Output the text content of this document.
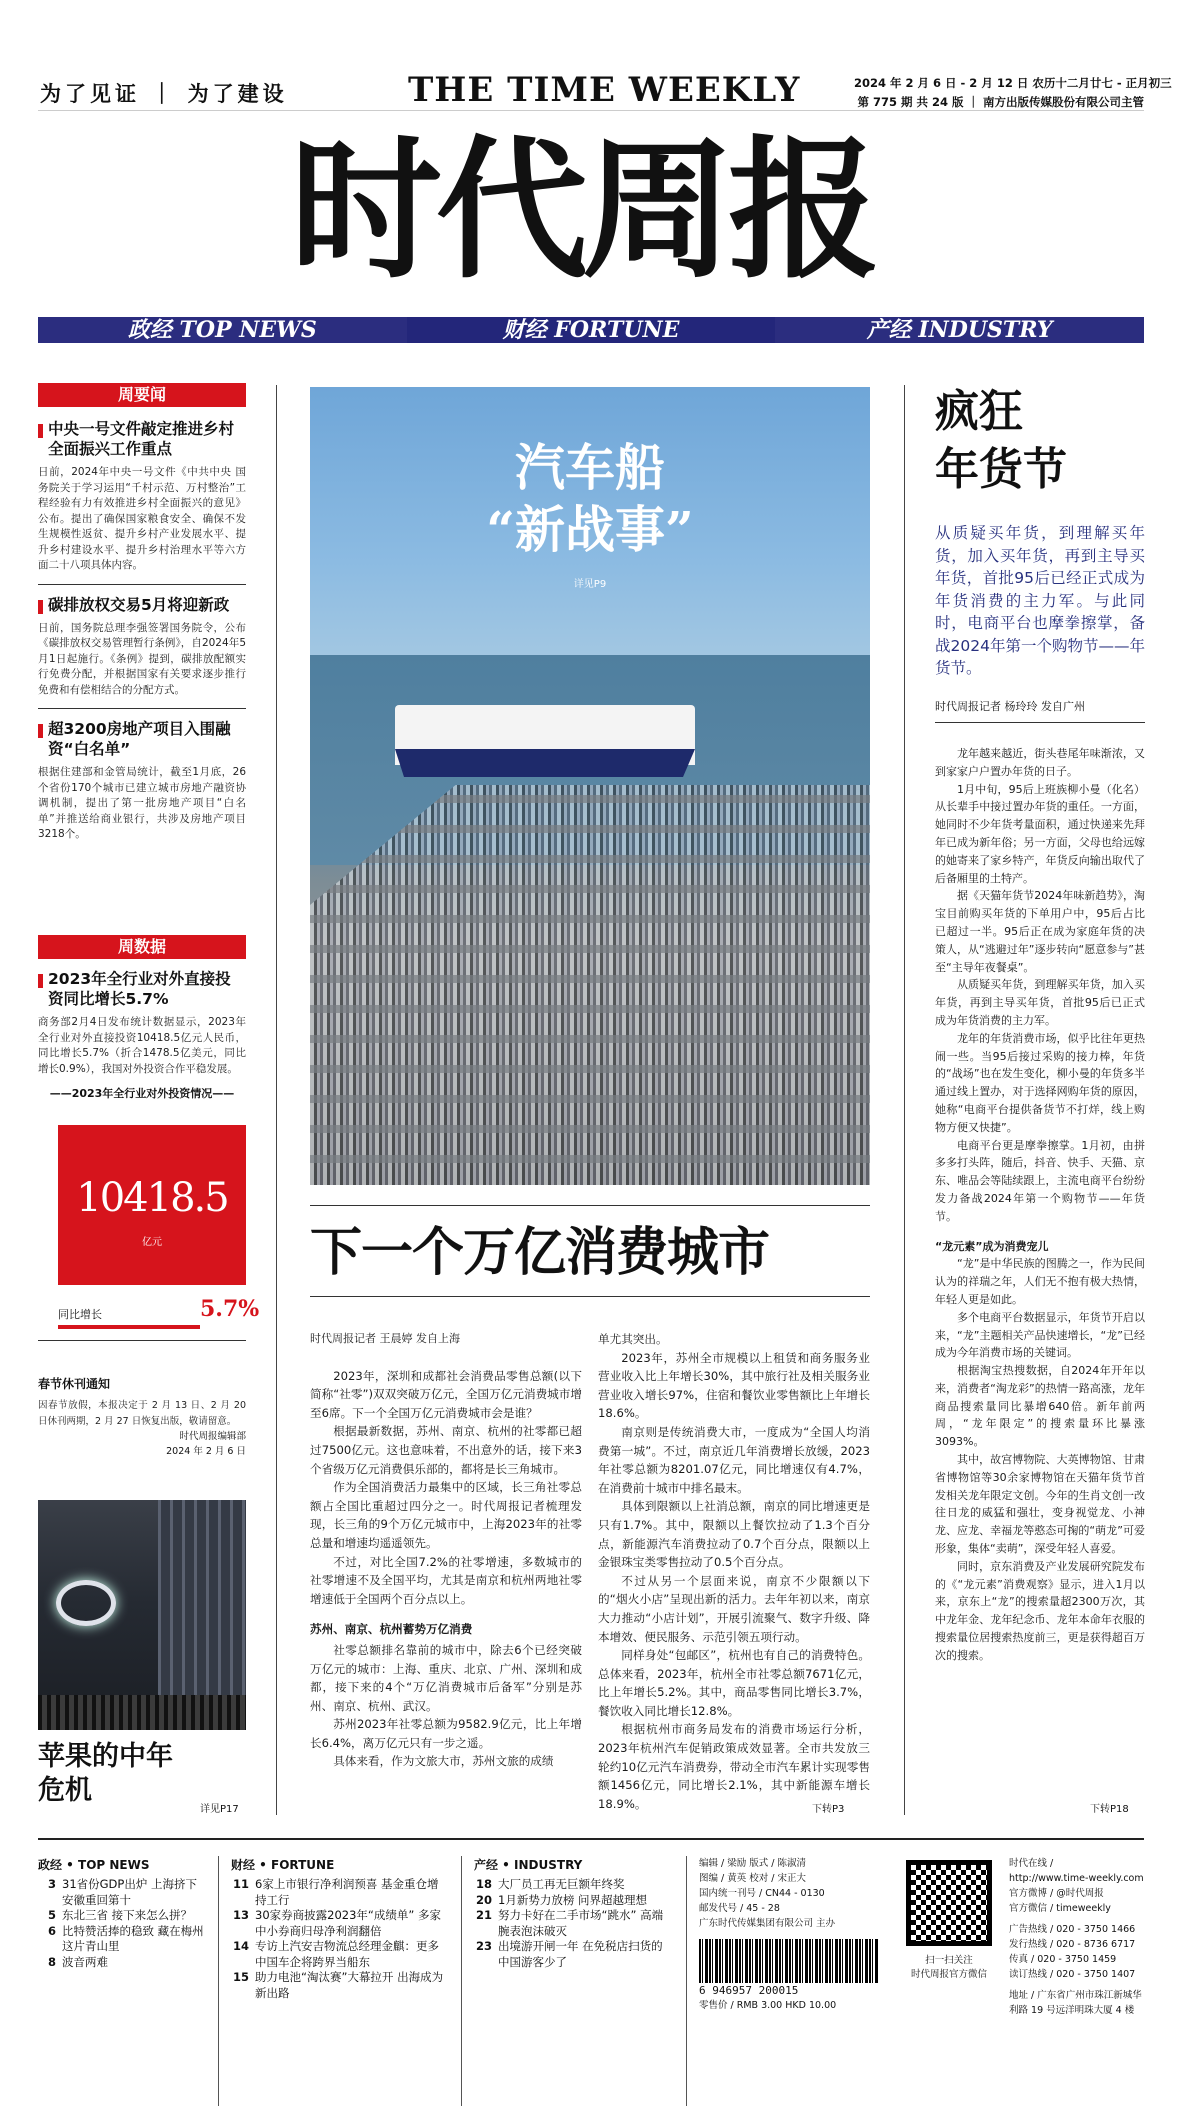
为了见证 ｜ 为了建设	THE TIME WEEKLY
时代周报
2024 年 2 月 6 日 - 2 月 12 日 农历十二月廿七 - 正月初三
第 775 期 共 24 版 ｜ 南方出版传媒股份有限公司主管
政经 TOP NEWS	财经 FORTUNE	产经 INDUSTRY
周要闻
中央一号文件敲定推进乡村全面振兴工作重点
日前，2024年中央一号文件《中共中央 国务院关于学习运用“千村示范、万村整治”工程经验有力有效推进乡村全面振兴的意见》公布。提出了确保国家粮食安全、确保不发生规模性返贫、提升乡村产业发展水平、提升乡村建设水平、提升乡村治理水平等六方面二十八项具体内容。
碳排放权交易5月将迎新政
日前，国务院总理李强签署国务院令，公布《碳排放权交易管理暂行条例》，自2024年5月1日起施行。《条例》提到，碳排放配额实行免费分配，并根据国家有关要求逐步推行免费和有偿相结合的分配方式。
超3200房地产项目入围融资“白名单”
根据住建部和金管局统计，截至1月底，26个省份170个城市已建立城市房地产融资协调机制，提出了第一批房地产项目“白名单”并推送给商业银行，共涉及房地产项目3218个。
周数据
2023年全行业对外直接投资同比增长5.7%
商务部2月4日发布统计数据显示，2023年全行业对外直接投资10418.5亿元人民币，同比增长5.7%（折合1478.5亿美元，同比增长0.9%），我国对外投资合作平稳发展。
——2023年全行业对外投资情况——
10418.5
亿元
同比增长	5.7%
春节休刊通知
因春节放假，本报决定于 2 月 13 日、2 月 20 日休刊两期，2 月 27 日恢复出版，敬请留意。
时代周报编辑部
2024 年 2 月 6 日
苹果的中年危机
详见P17
汽车船
“新战事”
详见P9
下一个万亿消费城市
时代周报记者 王晨婷 发自上海

2023年，深圳和成都社会消费品零售总额(以下简称“社零”)双双突破万亿元，全国万亿元消费城市增至6席。下一个全国万亿元消费城市会是谁？

根据最新数据，苏州、南京、杭州的社零都已超过7500亿元。这也意味着，不出意外的话，接下来3个省级万亿元消费俱乐部的，都将是长三角城市。

作为全国消费活力最集中的区域，长三角社零总额占全国比重超过四分之一。时代周报记者梳理发现，长三角的9个万亿元城市中，上海2023年的社零总量和增速均遥遥领先。

不过，对比全国7.2%的社零增速，多数城市的社零增速不及全国平均，尤其是南京和杭州两地社零增速低于全国两个百分点以上。

苏州、南京、杭州蓄势万亿消费

社零总额排名靠前的城市中，除去6个已经突破万亿元的城市：上海、重庆、北京、广州、深圳和成都，接下来的4个“万亿消费城市后备军”分别是苏州、南京、杭州、武汉。

苏州2023年社零总额为9582.9亿元，比上年增长6.4%，离万亿元只有一步之遥。

具体来看，作为文旅大市，苏州文旅的成绩

单尤其突出。

2023年，苏州全市规模以上租赁和商务服务业营业收入比上年增长30%，其中旅行社及相关服务业营业收入增长97%，住宿和餐饮业零售额比上年增长18.6%。

南京则是传统消费大市，一度成为“全国人均消费第一城”。不过，南京近几年消费增长放缓，2023年社零总额为8201.07亿元，同比增速仅有4.7%，在消费前十城市中排名最末。

具体到限额以上社消总额，南京的同比增速更是只有1.7%。其中，限额以上餐饮拉动了1.3个百分点，新能源汽车消费拉动了0.7个百分点，限额以上金银珠宝类零售拉动了0.5个百分点。

不过从另一个层面来说，南京不少限额以下的“烟火小店”呈现出新的活力。去年年初以来，南京大力推动“小店计划”，开展引流聚气、数字升级、降本增效、便民服务、示范引领五项行动。

同样身处“包邮区”，杭州也有自己的消费特色。总体来看，2023年，杭州全市社零总额7671亿元，比上年增长5.2%。其中，商品零售同比增长3.7%，餐饮收入同比增长12.8%。

根据杭州市商务局发布的消费市场运行分析，2023年杭州汽车促销政策成效显著。全市共发放三轮约10亿元汽车消费券，带动全市汽车累计实现零售额1456亿元，同比增长2.1%，其中新能源车增长18.9%。	下转P3
疯狂
年货节
从质疑买年货，到理解买年货，加入买年货，再到主导买年货，首批95后已经正式成为年货消费的主力军。与此同时，电商平台也摩拳擦掌，备战2024年第一个购物节——年货节。
时代周报记者 杨玲玲 发自广州

龙年越来越近，街头巷尾年味渐浓，又到家家户户置办年货的日子。

1月中旬，95后上班族柳小曼（化名）从长辈手中接过置办年货的重任。一方面，她同时不少年货考量面积，通过快递来先拜年已成为新年俗；另一方面，父母也给远嫁的她寄来了家乡特产，年货反向输出取代了后备厢里的土特产。

据《天猫年货节2024年味新趋势》，淘宝目前购买年货的下单用户中，95后占比已超过一半。95后正在成为家庭年货的决策人，从“逃避过年”逐步转向“愿意参与”甚至“主导年夜餐桌”。

从质疑买年货，到理解买年货，加入买年货，再到主导买年货，首批95后已正式成为年货消费的主力军。

龙年的年货消费市场，似乎比往年更热闹一些。当95后接过采购的接力棒，年货的“战场”也在发生变化，柳小曼的年货多半通过线上置办，对于选择网购年货的原因，她称“电商平台提供备货节不打烊，线上购物方便又快捷”。

电商平台更是摩拳擦掌。1月初，由拼多多打头阵，随后，抖音、快手、天猫、京东、唯品会等陆续跟上，主流电商平台纷纷发力备战2024年第一个购物节——年货节。

“龙元素”成为消费宠儿

“龙”是中华民族的图腾之一，作为民间认为的祥瑞之年，人们无不抱有极大热情，年轻人更是如此。

多个电商平台数据显示，年货节开启以来，“龙”主题相关产品快速增长，“龙”已经成为今年消费市场的关键词。

根据淘宝热搜数据，自2024年开年以来，消费者“淘龙彩”的热情一路高涨，龙年商品搜索量同比暴增640倍。新年前两周，“龙年限定”的搜索量环比暴涨3093%。

其中，故宫博物院、大英博物馆、甘肃省博物馆等30余家博物馆在天猫年货节首发相关龙年限定文创。今年的生肖文创一改往日龙的威猛和强壮，变身视觉龙、小神龙、应龙、幸福龙等憨态可掬的“萌龙”可爱形象，集体“卖萌”，深受年轻人喜爱。

同时，京东消费及产业发展研究院发布的《“龙元素”消费观察》显示，进入1月以来，京东上“龙”的搜索量超2300万次，其中龙年金、龙年纪念币、龙年本命年衣服的搜索量位居搜索热度前三，更是获得超百万次的搜索。

下转P18
政经 • TOP NEWS
3 31省份GDP出炉 上海挤下安徽重回第十
5 东北三省 接下来怎么拼？
6 比特赞活捧的稳致 藏在梅州这片青山里
8 波音两难
财经 • FORTUNE
11 6家上市银行净利润预喜 基金重仓增持工行
13 30家券商披露2023年“成绩单” 多家中小券商归母净利润翻倍
14 专访上汽安吉物流总经理金麒：更多中国车企将跨界当船东
15 助力电池“淘汰赛”大幕拉开 出海成为新出路
产经 • INDUSTRY
18 大厂员工再无巨额年终奖
20 1月新势力放榜 问界超越理想
21 努力卡好在二手市场“跳水” 高端腕表泡沫破灭
23 出境游开闸一年 在免税店扫货的中国游客少了
编辑 / 梁励 版式 / 陈淑清
图编 / 黄英 校对 / 宋正大
国内统一刊号 / CN44 - 0130
邮发代号 / 45 - 28
广东时代传媒集团有限公司 主办
6 946957 200015
零售价 / RMB 3.00 HKD 10.00
扫一扫关注
时代周报官方微信
时代在线 /
http://www.time-weekly.com
官方微博 / @时代周报
官方微信 / timeweekly
广告热线 / 020 - 3750 1466
发行热线 / 020 - 8736 6717
传真 / 020 - 3750 1459
读订热线 / 020 - 3750 1407
地址 / 广东省广州市珠江新城华利路 19 号远洋明珠大厦 4 楼
